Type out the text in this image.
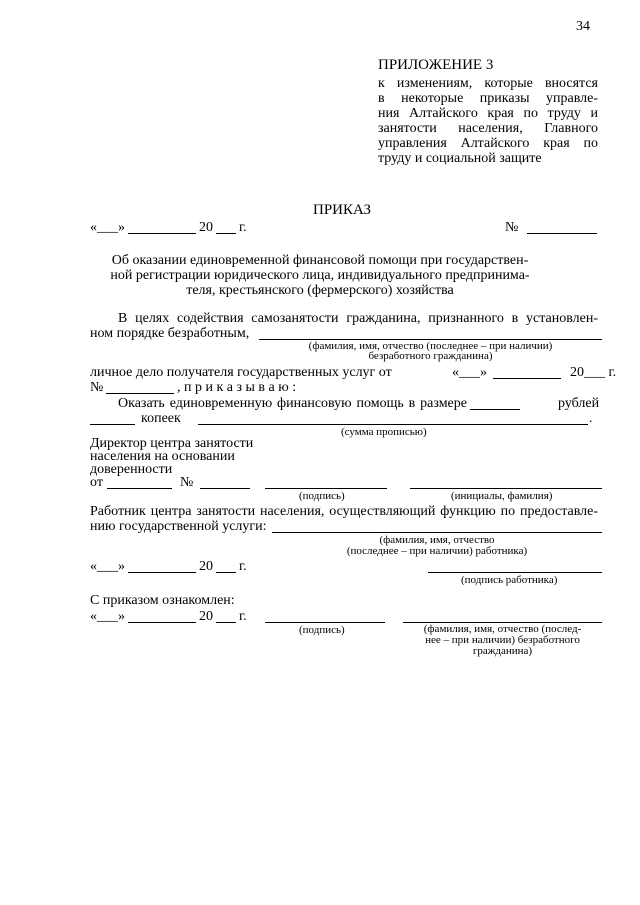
34
ПРИЛОЖЕНИЕ 3
к изменениям, которые вносятся
в некоторые приказы управле-
ния Алтайского края по труду и
занятости населения, Главного
управления Алтайского края по
труду и социальной защите
ПРИКАЗ
«___»	20 г.	№
Об оказании единовременной финансовой помощи при государствен-
ной регистрации юридического лица, индивидуального предпринима-
теля, крестьянского (фермерского) хозяйства
В целях содействия самозанятости гражданина, признанного в установлен-
ном порядке безработным,
(фамилия, имя, отчество (последнее – при наличии)
безработного гражданина)
личное дело получателя государственных услуг от	«___»	20___ г.
№	, п р и к а з ы в а ю :
Оказать единовременную финансовую помощь в размере	рублей
копеек	.
(сумма прописью)
Директор центра занятости
населения на основании
доверенности
от	№
(подпись)	(инициалы, фамилия)
Работник центра занятости населения, осуществляющий функцию по предоставле-
нию государственной услуги:
(фамилия, имя, отчество
(последнее – при наличии) работника)
«___»	20 г.
(подпись работника)
С приказом ознакомлен:
«___»	20 г.
(подпись)	(фамилия, имя, отчество (послед-
нее – при наличии) безработного
гражданина)
